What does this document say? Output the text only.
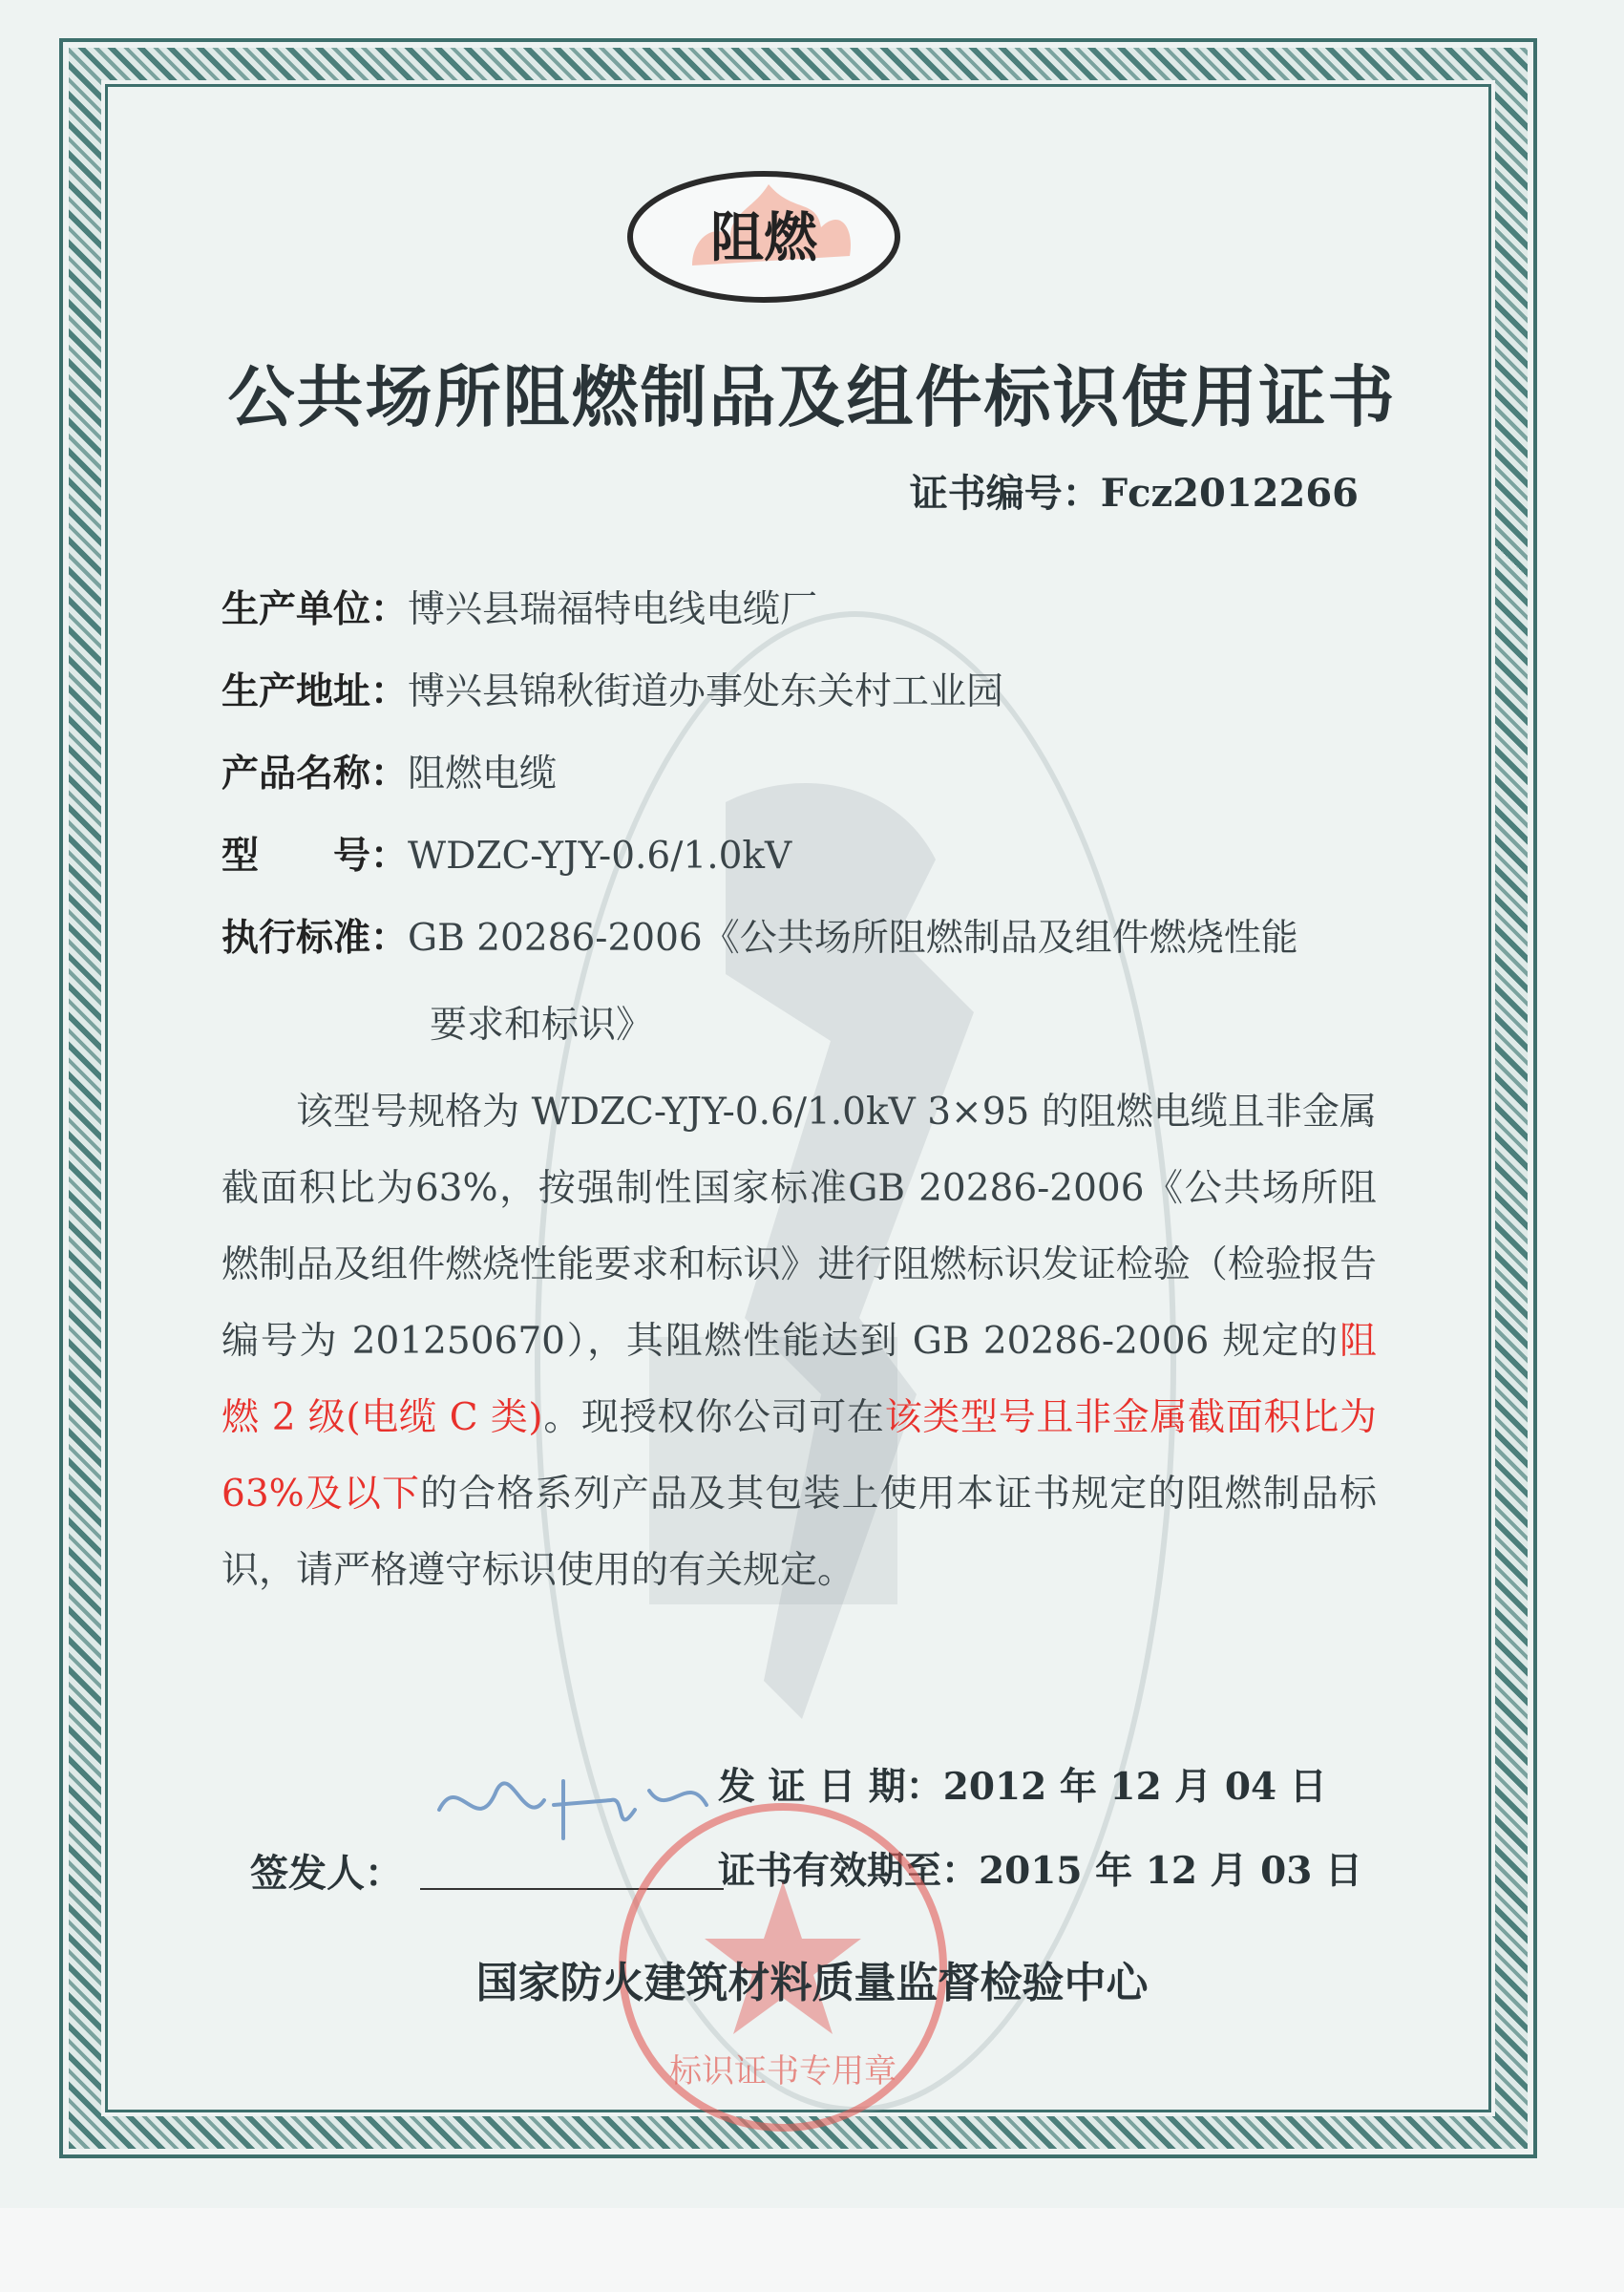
阻燃
公共场所阻燃制品及组件标识使用证书
证书编号：Fcz2012266
生产单位：博兴县瑞福特电线电缆厂
生产地址：博兴县锦秋街道办事处东关村工业园
产品名称：阻燃电缆
型　　号：WDZC-YJY-0.6/1.0kV
执行标准：GB 20286-2006《公共场所阻燃制品及组件燃烧性能
要求和标识》
该型号规格为 WDZC-YJY-0.6/1.0kV 3×95 的阻燃电缆且非金属截面积比为63%，按强制性国家标准GB 20286-2006《公共场所阻燃制品及组件燃烧性能要求和标识》进行阻燃标识发证检验（检验报告编号为 201250670），其阻燃性能达到 GB 20286-2006 规定的阻燃 2 级(电缆 C 类)。现授权你公司可在该类型号且非金属截面积比为 63%及以下的合格系列产品及其包装上使用本证书规定的阻燃制品标识，请严格遵守标识使用的有关规定。
发 证 日 期：2012 年 12 月 04 日
证书有效期至：2015 年 12 月 03 日
签发人：
标识证书专用章
国家防火建筑材料质量监督检验中心
